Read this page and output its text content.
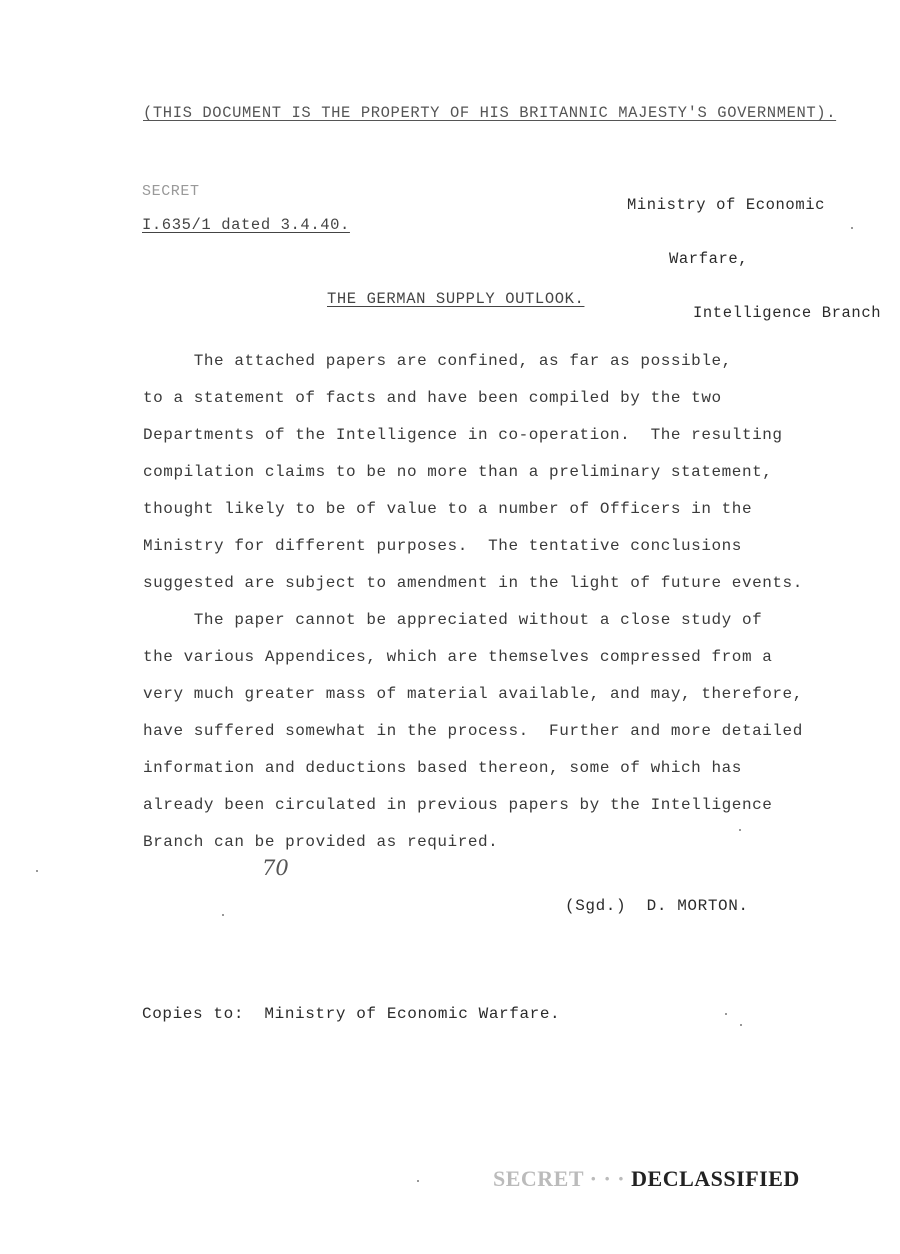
(THIS DOCUMENT IS THE PROPERTY OF HIS BRITANNIC MAJESTY'S GOVERNMENT).

Ministry of Economic

Warfare,

Intelligence Branch

SECRET
I.635/1 dated 3.4.40.
THE GERMAN SUPPLY OUTLOOK.
The attached papers are confined, as far as possible,
to a statement of facts and have been compiled by the two
Departments of the Intelligence in co-operation.  The resulting
compilation claims to be no more than a preliminary statement,
thought likely to be of value to a number of Officers in the
Ministry for different purposes.  The tentative conclusions
suggested are subject to amendment in the light of future events.
The paper cannot be appreciated without a close study of
the various Appendices, which are themselves compressed from a
very much greater mass of material available, and may, therefore,
have suffered somewhat in the process.  Further and more detailed
information and deductions based thereon, some of which has
already been circulated in previous papers by the Intelligence
Branch can be provided as required.
70
(Sgd.)  D. MORTON.
Copies to:  Ministry of Economic Warfare.
SECRET · · · DECLASSIFIED
